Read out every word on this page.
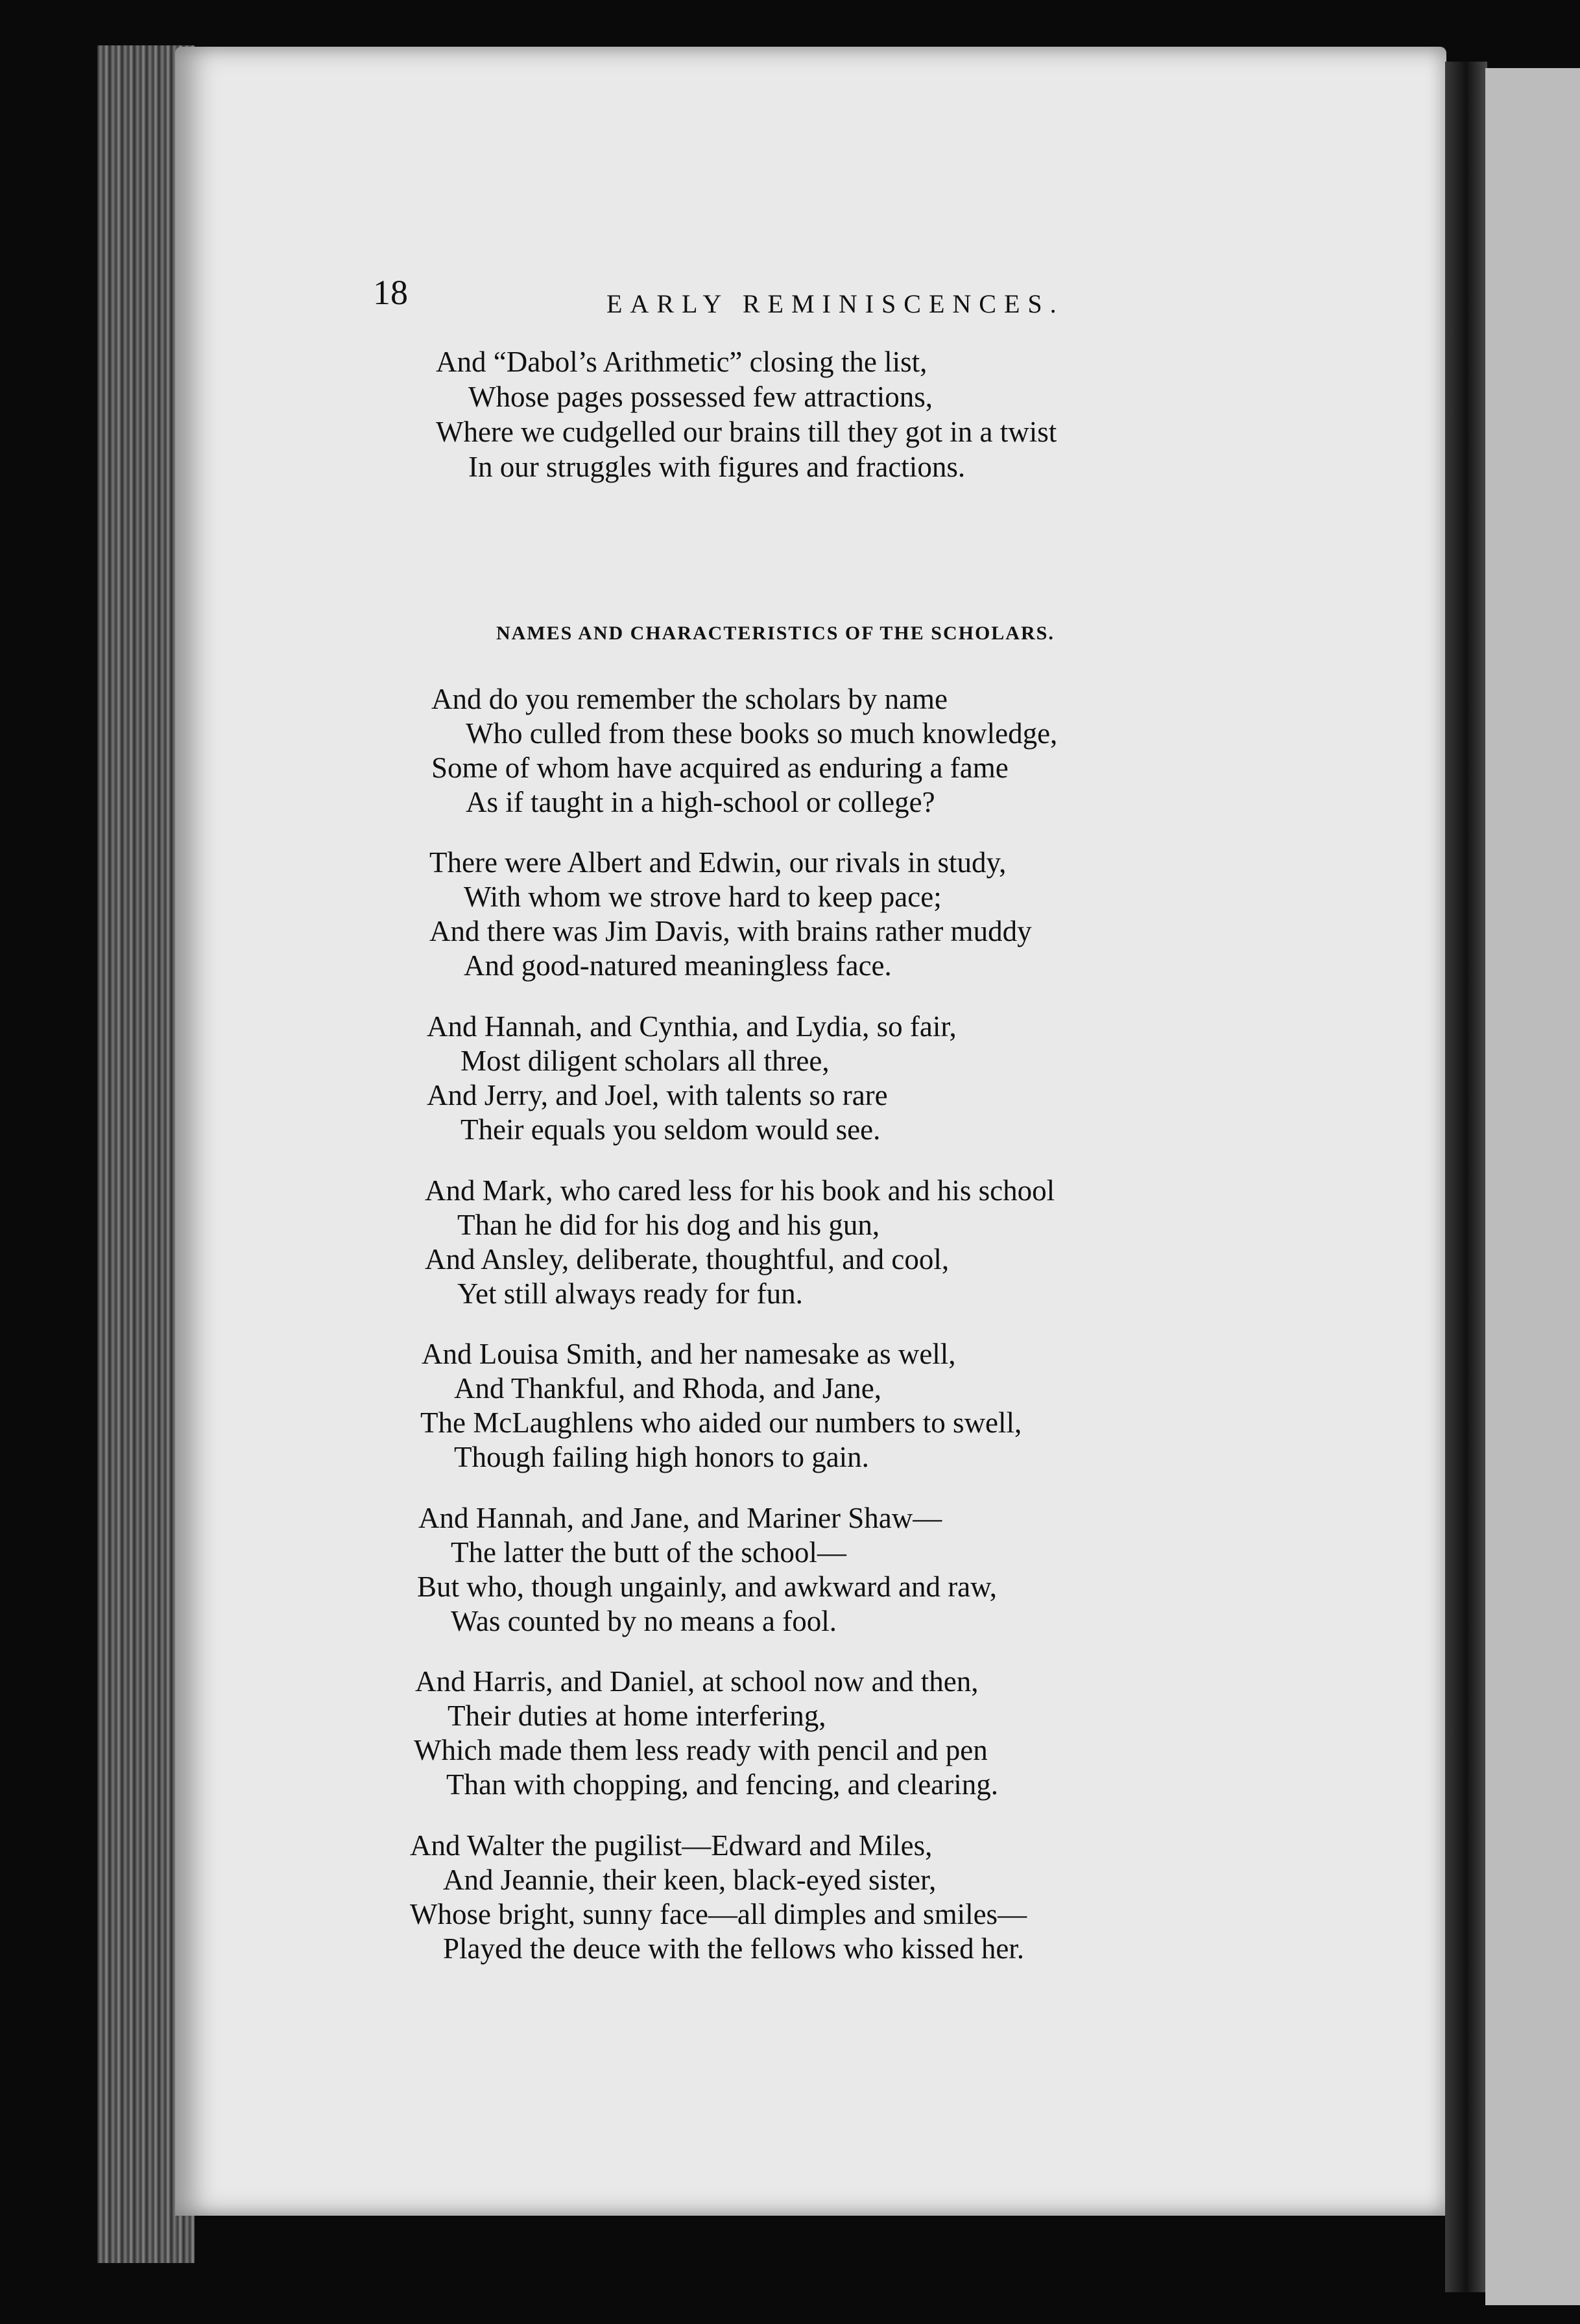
18	EARLY REMINISCENCES.
And “Dabol’s Arithmetic” closing the list,
Whose pages possessed few attractions,
Where we cudgelled our brains till they got in a twist
In our struggles with figures and fractions.
NAMES AND CHARACTERISTICS OF THE SCHOLARS.
And do you remember the scholars by name
Who culled from these books so much knowledge,
Some of whom have acquired as enduring a fame
As if taught in a high-school or college?
There were Albert and Edwin, our rivals in study,
With whom we strove hard to keep pace;
And there was Jim Davis, with brains rather muddy
And good-natured meaningless face.
And Hannah, and Cynthia, and Lydia, so fair,
Most diligent scholars all three,
And Jerry, and Joel, with talents so rare
Their equals you seldom would see.
And Mark, who cared less for his book and his school
Than he did for his dog and his gun,
And Ansley, deliberate, thoughtful, and cool,
Yet still always ready for fun.
And Louisa Smith, and her namesake as well,
And Thankful, and Rhoda, and Jane,
The McLaughlens who aided our numbers to swell,
Though failing high honors to gain.
And Hannah, and Jane, and Mariner Shaw—
The latter the butt of the school—
But who, though ungainly, and awkward and raw,
Was counted by no means a fool.
And Harris, and Daniel, at school now and then,
Their duties at home interfering,
Which made them less ready with pencil and pen
Than with chopping, and fencing, and clearing.
And Walter the pugilist—Edward and Miles,
And Jeannie, their keen, black-eyed sister,
Whose bright, sunny face—all dimples and smiles—
Played the deuce with the fellows who kissed her.
